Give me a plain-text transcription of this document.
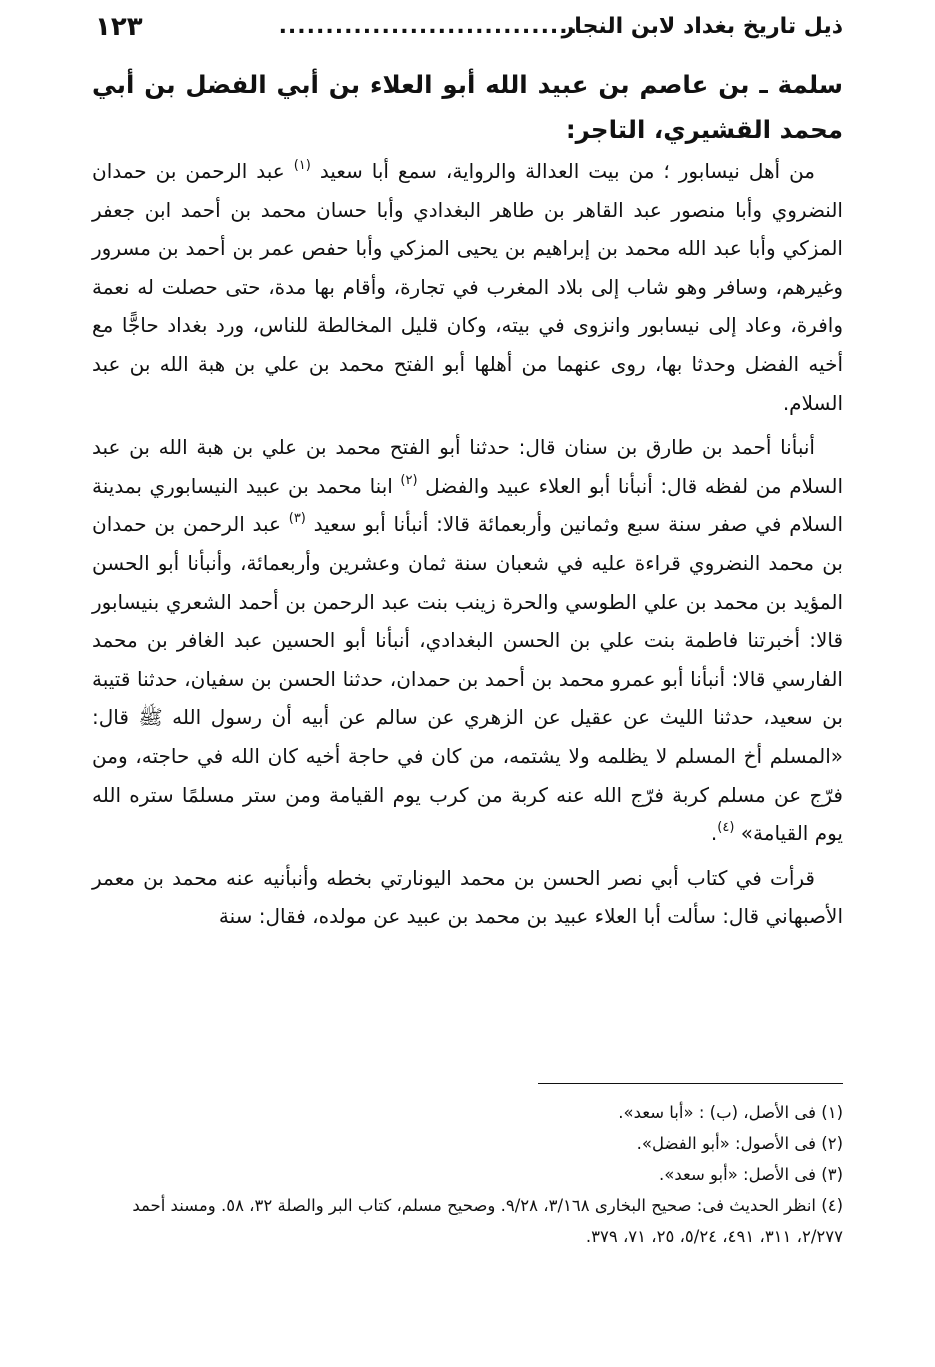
ذيل تاريخ بغداد لابن النجار
................................
١٢٣
سلمة ـ بن عاصم بن عبيد الله أبو العلاء بن أبي الفضل بن أبي محمد القشيري، التاجر:

من أهل نيسابور ؛ من بيت العدالة والرواية، سمع أبا سعيد $^{(١)}$ عبد الرحمن بن حمدان النضروي وأبا منصور عبد القاهر بن طاهر البغدادي وأبا حسان محمد بن أحمد ابن جعفر المزكي وأبا عبد الله محمد بن إبراهيم بن يحيى المزكي وأبا حفص عمر بن أحمد بن مسرور وغيرهم، وسافر وهو شاب إلى بلاد المغرب في تجارة، وأقام بها مدة، حتى حصلت له نعمة وافرة، وعاد إلى نيسابور وانزوى في بيته، وكان قليل المخالطة للناس، ورد بغداد حاجًّا مع أخيه الفضل وحدثا بها، روى عنهما من أهلها أبو الفتح محمد بن علي بن هبة الله بن عبد السلام.

أنبأنا أحمد بن طارق بن سنان قال: حدثنا أبو الفتح محمد بن علي بن هبة الله بن عبد السلام من لفظه قال: أنبأنا أبو العلاء عبيد والفضل $^{(٢)}$ ابنا محمد بن عبيد النيسابوري بمدينة السلام في صفر سنة سبع وثمانين وأربعمائة قالا: أنبأنا أبو سعيد $^{(٣)}$ عبد الرحمن بن حمدان بن محمد النضروي قراءة عليه في شعبان سنة ثمان وعشرين وأربعمائة، وأنبأنا أبو الحسن المؤيد بن محمد بن علي الطوسي والحرة زينب بنت عبد الرحمن بن أحمد الشعري بنيسابور قالا: أخبرتنا فاطمة بنت علي بن الحسن البغدادي، أنبأنا أبو الحسين عبد الغافر بن محمد الفارسي قالا: أنبأنا أبو عمرو محمد بن أحمد بن حمدان، حدثنا الحسن بن سفيان، حدثنا قتيبة بن سعيد، حدثنا الليث عن عقيل عن الزهري عن سالم عن أبيه أن رسول الله ﷺ قال: «المسلم أخ المسلم لا يظلمه ولا يشتمه، من كان في حاجة أخيه كان الله في حاجته، ومن فرّج عن مسلم كربة فرّج الله عنه كربة من كرب يوم القيامة ومن ستر مسلمًا ستره الله يوم القيامة» $^{(٤)}$.

قرأت في كتاب أبي نصر الحسن بن محمد اليونارتي بخطه وأنبأنيه عنه محمد بن معمر الأصبهاني قال: سألت أبا العلاء عبيد بن محمد بن عبيد عن مولده، فقال: سنة

(١) فى الأصل، (ب) : «أبا سعد».
(٢) فى الأصول: «أبو الفضل».
(٣) فى الأصل: «أبو سعد».
(٤) انظر الحديث فى: صحيح البخارى ٣/١٦٨، ٩/٢٨. وصحيح مسلم، كتاب البر والصلة ٣٢، ٥٨. ومسند أحمد ٢/٢٧٧، ٣١١، ٤٩١، ٥/٢٤، ٢٥، ٧١، ٣٧٩.
